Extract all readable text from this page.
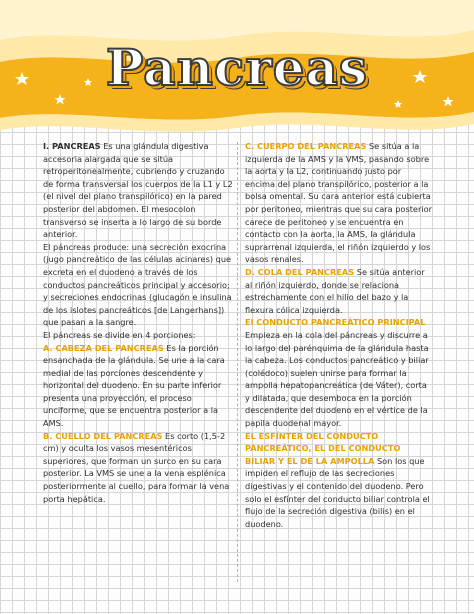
Pancreas

I. PANCREAS Es una glándula digestiva accesoria alargada que se sitúa retroperitonealmente, cubriendo y cruzando de forma transversal los cuerpos de la L1 y L2 (el nivel del plano transpilórico) en la pared posterior del abdomen. El mesocolon transverso se inserta a lo largo de su borde anterior.

El páncreas produce: una secreción exocrina (jugo pancreático de las células acinares) que excreta en el duodeno a través de los conductos pancreáticos principal y accesorio; y secreciones endocrinas (glucagón e insulina de los islotes pancreáticos [de Langerhans]) que pasan a la sangre.

El páncreas se divide en 4 porciones:

A. CABEZA DEL PANCREAS Es la porción ensanchada de la glándula. Se une a la cara medial de las porciones descendente y horizontal del duodeno. En su parte inferior presenta una proyección, el proceso unciforme, que se encuentra posterior a la AMS.

B. CUELLO DEL PANCREAS Es corto (1,5-2 cm) y oculta los vasos mesentéricos superiores, que forman un surco en su cara posterior. La VMS se une a la vena esplénica posteriormente al cuello, para formar la vena porta hepática.

C. CUERPO DEL PANCREAS Se sitúa a la izquierda de la AMS y la VMS, pasando sobre la aorta y la L2, continuando justo por encima del plano transpilórico, posterior a la bolsa omental. Su cara anterior está cubierta por peritoneo, mientras que su cara posterior carece de peritoneo y se encuentra en contacto con la aorta, la AMS, la glándula suprarrenal izquierda, el riñón izquierdo y los vasos renales.

D. COLA DEL PANCREAS Se sitúa anterior al riñón izquierdo, donde se relaciona estrechamente con el hilio del bazo y la flexura cólica izquierda.

El CONDUCTO PANCREÁTICO PRINCIPAL Empieza en la cola del páncreas y discurre a lo largo del parénquima de la glándula hasta la cabeza. Los conductos pancreático y biliar (colédoco) suelen unirse para formar la ampolla hepatopancreática (de Váter), corta y dilatada, que desemboca en la porción descendente del duodeno en el vértice de la papila duodenal mayor.

EL ESFÍNTER DEL CONDUCTO PANCREÁTICO, EL DEL CONDUCTO BILIAR Y EL DE LA AMPOLLA Son los que impiden el reflujo de las secreciones digestivas y el contenido del duodeno. Pero solo el esfínter del conducto biliar controla el flujo de la secreción digestiva (bilis) en el duodeno.
